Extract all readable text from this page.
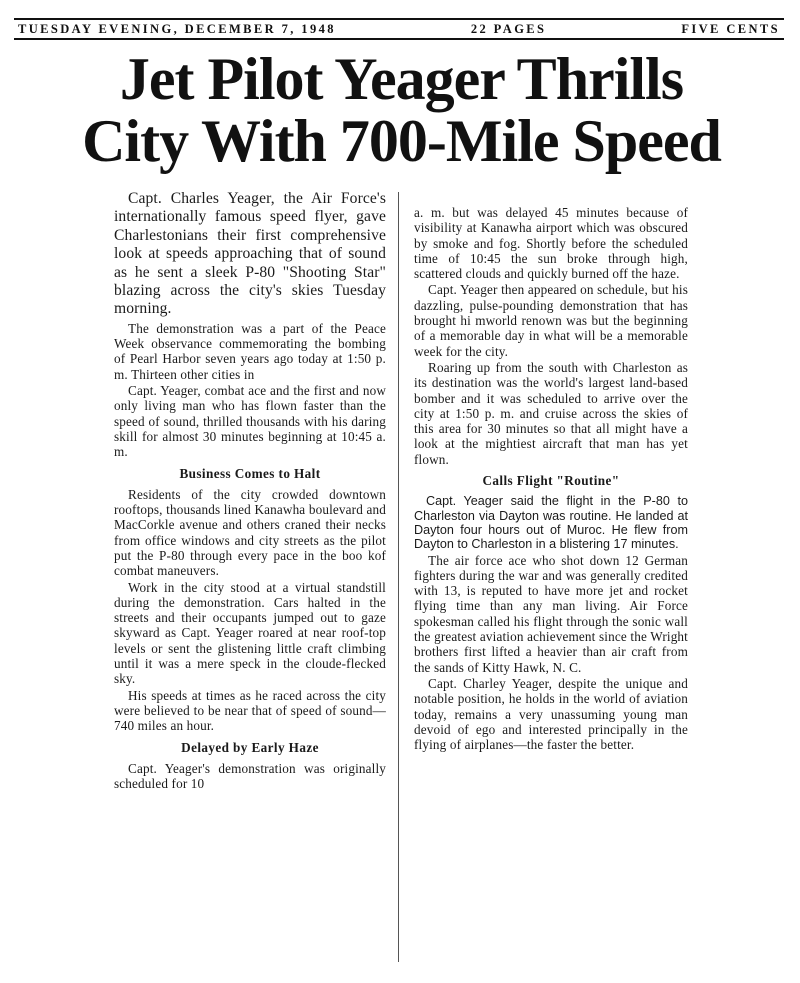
TUESDAY EVENING, DECEMBER 7, 1948	22 PAGES	FIVE CENTS
Jet Pilot Yeager Thrills
City With 700-Mile Speed

Capt. Charles Yeager, the Air Force's internationally famous speed flyer, gave Charlestonians their first comprehensive look at speeds approaching that of sound as he sent a sleek P-80 "Shooting Star" blazing across the city's skies Tuesday morning.

The demonstration was a part of the Peace Week observance commemorating the bombing of Pearl Harbor seven years ago today at 1:50 p. m. Thirteen other cities in

Capt. Yeager, combat ace and the first and now only living man who has flown faster than the speed of sound, thrilled thousands with his daring skill for almost 30 minutes beginning at 10:45 a. m.

Business Comes to Halt

Residents of the city crowded downtown rooftops, thousands lined Kanawha boulevard and MacCorkle avenue and others craned their necks from office windows and city streets as the pilot put the P-80 through every pace in the boo kof combat maneuvers.

Work in the city stood at a virtual standstill during the demonstration. Cars halted in the streets and their occupants jumped out to gaze skyward as Capt. Yeager roared at near roof-top levels or sent the glistening little craft climbing until it was a mere speck in the cloude-flecked sky.

His speeds at times as he raced across the city were believed to be near that of speed of sound—740 miles an hour.

Delayed by Early Haze

Capt. Yeager's demonstration was originally scheduled for 10

a. m. but was delayed 45 minutes because of visibility at Kanawha airport which was obscured by smoke and fog. Shortly before the scheduled time of 10:45 the sun broke through high, scattered clouds and quickly burned off the haze.

Capt. Yeager then appeared on schedule, but his dazzling, pulse-pounding demonstration that has brought hi mworld renown was but the beginning of a memorable day in what will be a memorable week for the city.

Roaring up from the south with Charleston as its destination was the world's largest land-based bomber and it was scheduled to arrive over the city at 1:50 p. m. and cruise across the skies of this area for 30 minutes so that all might have a look at the mightiest aircraft that man has yet flown.

Calls Flight "Routine"

Capt. Yeager said the flight in the P-80 to Charleston via Dayton was routine. He landed at Dayton four hours out of Muroc. He flew from Dayton to Charleston in a blistering 17 minutes.

The air force ace who shot down 12 German fighters during the war and was generally credited with 13, is reputed to have more jet and rocket flying time than any man living. Air Force spokesman called his flight through the sonic wall the greatest aviation achievement since the Wright brothers first lifted a heavier than air craft from the sands of Kitty Hawk, N. C.

Capt. Charley Yeager, despite the unique and notable position, he holds in the world of aviation today, remains a very unassuming young man devoid of ego and interested principally in the flying of airplanes—the faster the better.
